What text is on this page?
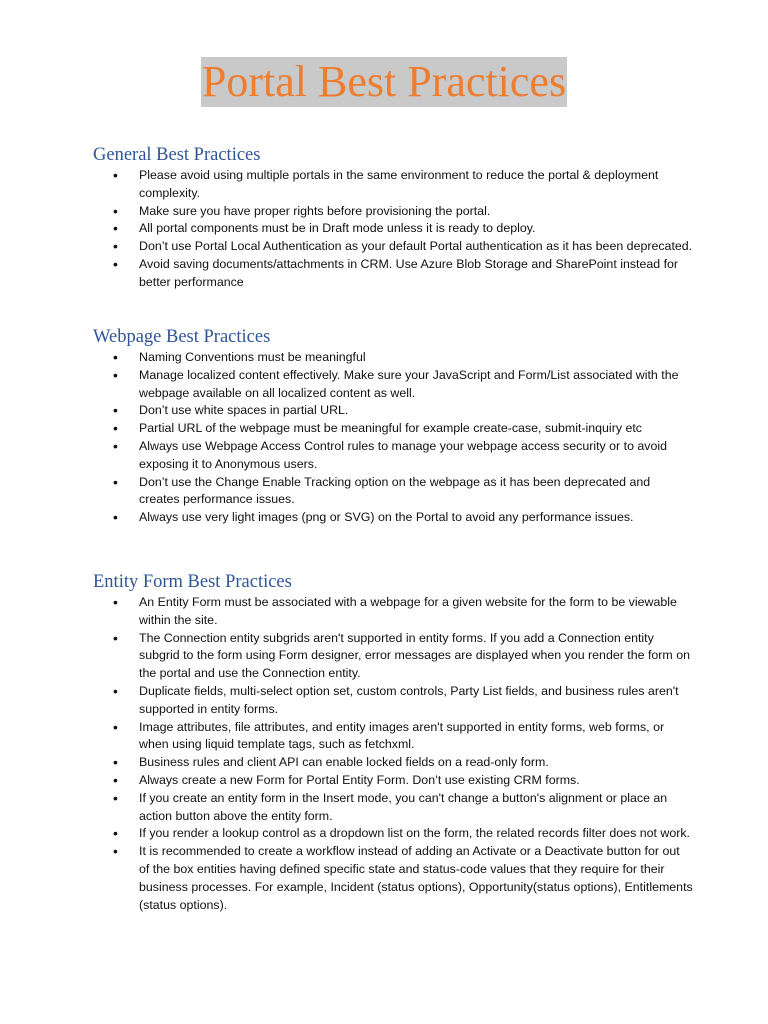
Portal Best Practices
General Best Practices
• Please avoid using multiple portals in the same environment to reduce the portal & deployment complexity.
• Make sure you have proper rights before provisioning the portal.
• All portal components must be in Draft mode unless it is ready to deploy.
• Don’t use Portal Local Authentication as your default Portal authentication as it has been deprecated.
• Avoid saving documents/attachments in CRM. Use Azure Blob Storage and SharePoint instead for better performance
Webpage Best Practices
• Naming Conventions must be meaningful
• Manage localized content effectively. Make sure your JavaScript and Form/List associated with the webpage available on all localized content as well.
• Don’t use white spaces in partial URL.
• Partial URL of the webpage must be meaningful for example create-case, submit-inquiry etc
• Always use Webpage Access Control rules to manage your webpage access security or to avoid exposing it to Anonymous users.
• Don’t use the Change Enable Tracking option on the webpage as it has been deprecated and creates performance issues.
• Always use very light images (png or SVG) on the Portal to avoid any performance issues.
Entity Form Best Practices
• An Entity Form must be associated with a webpage for a given website for the form to be viewable within the site.
• The Connection entity subgrids aren't supported in entity forms. If you add a Connection entity subgrid to the form using Form designer, error messages are displayed when you render the form on the portal and use the Connection entity.
• Duplicate fields, multi-select option set, custom controls, Party List fields, and business rules aren't supported in entity forms.
• Image attributes, file attributes, and entity images aren't supported in entity forms, web forms, or when using liquid template tags, such as fetchxml.
• Business rules and client API can enable locked fields on a read-only form.
• Always create a new Form for Portal Entity Form. Don’t use existing CRM forms.
• If you create an entity form in the Insert mode, you can't change a button's alignment or place an action button above the entity form.
• If you render a lookup control as a dropdown list on the form, the related records filter does not work.
• It is recommended to create a workflow instead of adding an Activate or a Deactivate button for out of the box entities having defined specific state and status-code values that they require for their business processes. For example, Incident (status options), Opportunity(status options), Entitlements (status options).
